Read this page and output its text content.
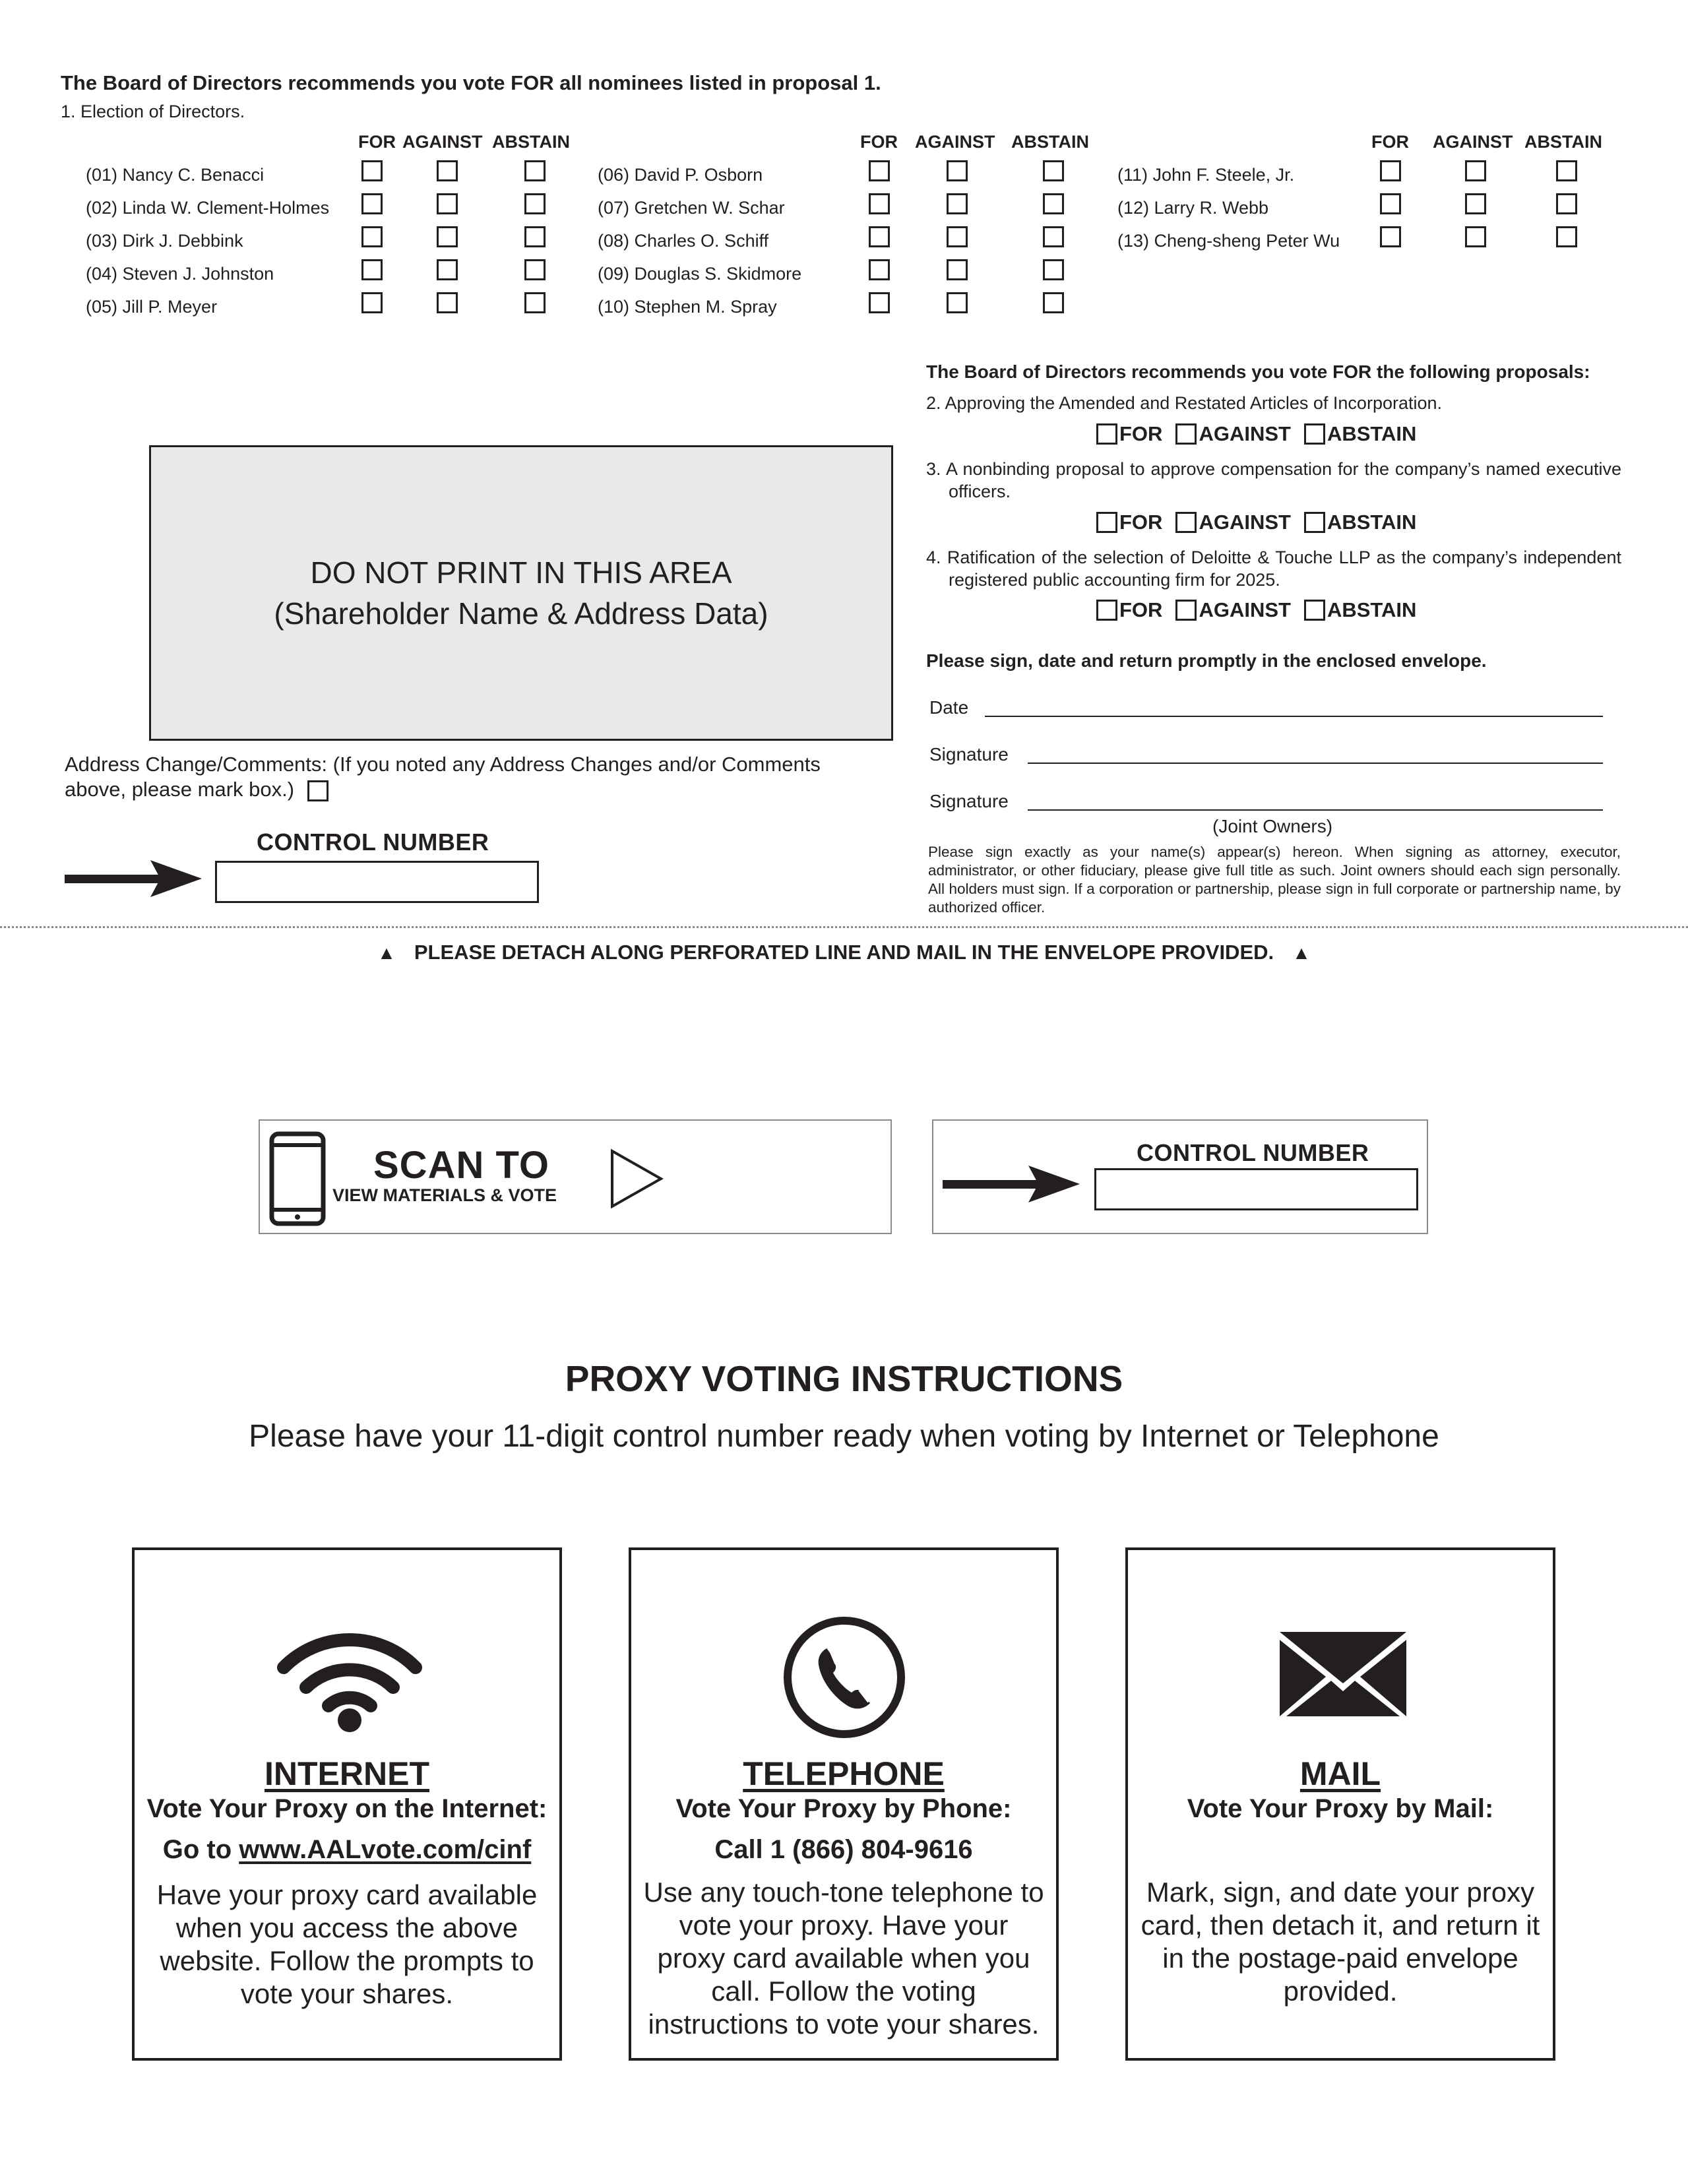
The Board of Directors recommends you vote FOR all nominees listed in proposal 1.
1. Election of Directors.
FOR AGAINST ABSTAIN	FOR AGAINST ABSTAIN	FOR AGAINST ABSTAIN
(01) Nancy C. Benacci
(02) Linda W. Clement-Holmes
(03) Dirk J. Debbink
(04) Steven J. Johnston
(05) Jill P. Meyer
(06) David P. Osborn
(07) Gretchen W. Schar
(08) Charles O. Schiff
(09) Douglas S. Skidmore
(10) Stephen M. Spray
(11) John F. Steele, Jr.
(12) Larry R. Webb
(13) Cheng-sheng Peter Wu
The Board of Directors recommends you vote FOR the following proposals:
2. Approving the Amended and Restated Articles of Incorporation.
FOR AGAINST ABSTAIN
3. A nonbinding proposal to approve compensation for the company’s named executive officers.
FOR AGAINST ABSTAIN
4. Ratification of the selection of Deloitte & Touche LLP as the company’s independent registered public accounting firm for 2025.
FOR AGAINST ABSTAIN
DO NOT PRINT IN THIS AREA
(Shareholder Name & Address Data)
Address Change/Comments: (If you noted any Address Changes and/or Comments
above, please mark box.)
CONTROL NUMBER
Please sign, date and return promptly in the enclosed envelope.
Date
Signature
Signature
(Joint Owners)
Please sign exactly as your name(s) appear(s) hereon. When signing as attorney, executor, administrator, or other fiduciary, please give full title as such. Joint owners should each sign personally. All holders must sign. If a corporation or partnership, please sign in full corporate or partnership name, by authorized officer.
▲ PLEASE DETACH ALONG PERFORATED LINE AND MAIL IN THE ENVELOPE PROVIDED. ▲
SCAN TO
VIEW MATERIALS & VOTE
CONTROL NUMBER
PROXY VOTING INSTRUCTIONS
Please have your 11-digit control number ready when voting by Internet or Telephone
INTERNET
Vote Your Proxy on the Internet:
Go to www.AALvote.com/cinf
Have your proxy card available when you access the above website. Follow the prompts to vote your shares.
TELEPHONE
Vote Your Proxy by Phone:
Call 1 (866) 804-9616
Use any touch-tone telephone to vote your proxy. Have your proxy card available when you call. Follow the voting instructions to vote your shares.
MAIL
Vote Your Proxy by Mail:
Mark, sign, and date your proxy card, then detach it, and return it in the postage-paid envelope provided.
